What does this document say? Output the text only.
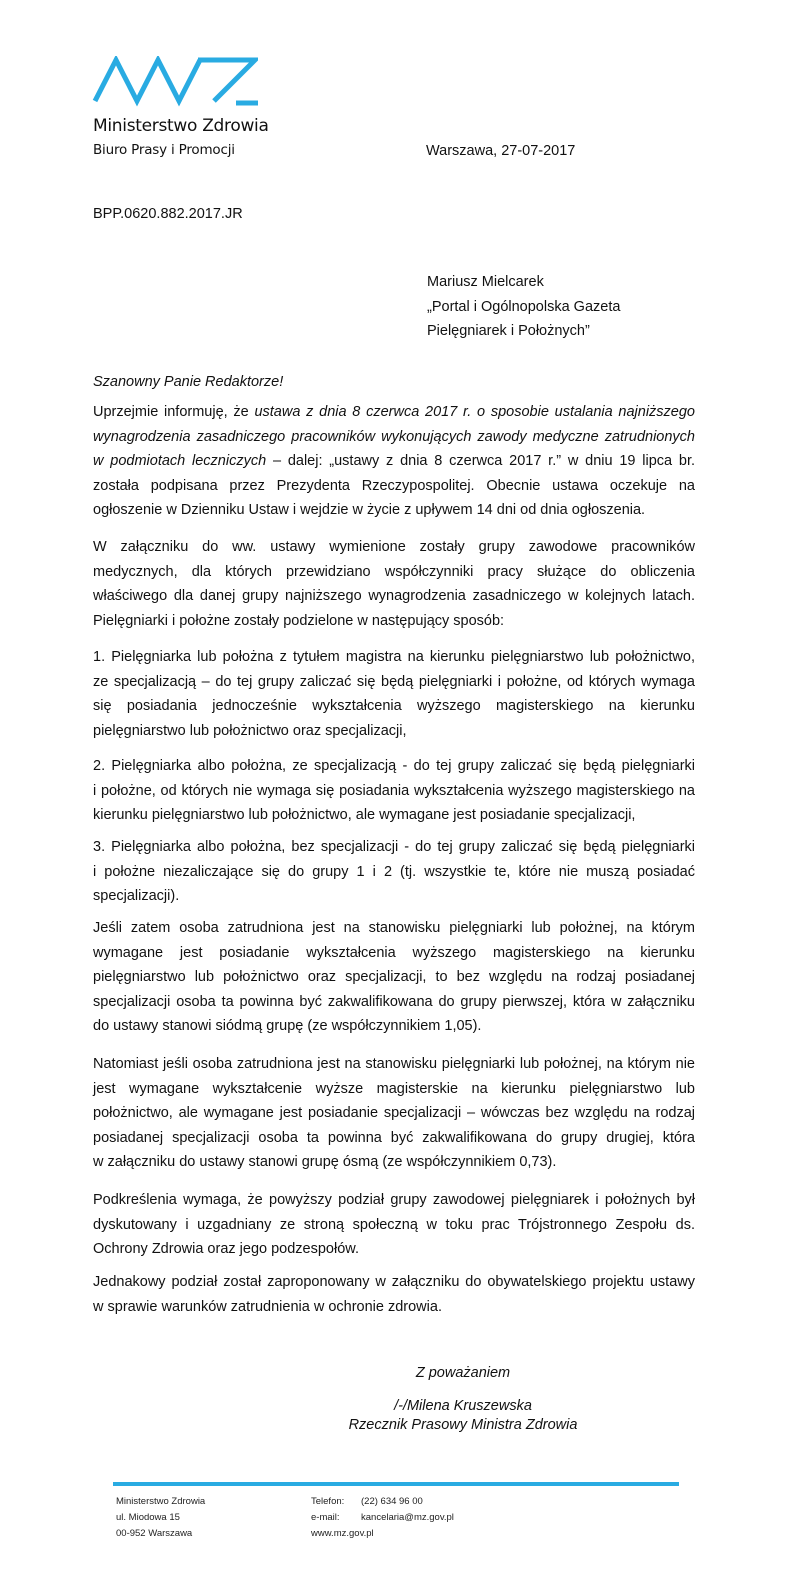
Ministerstwo Zdrowia
Biuro Prasy i Promocji	Warszawa, 27-07-2017
BPP.0620.882.2017.JR
Mariusz Mielcarek
„Portal i Ogólnopolska Gazeta
Pielęgniarek i Położnych”
Szanowny Panie Redaktorze!
Uprzejmie informuję, że ustawa z dnia 8 czerwca 2017 r. o sposobie ustalania najniższego
wynagrodzenia zasadniczego pracowników wykonujących zawody medyczne zatrudnionych
w podmiotach leczniczych – dalej: „ustawy z dnia 8 czerwca 2017 r.” w dniu 19 lipca br.
została podpisana przez Prezydenta Rzeczypospolitej. Obecnie ustawa oczekuje na
ogłoszenie w Dzienniku Ustaw i wejdzie w życie z upływem 14 dni od dnia ogłoszenia.
W załączniku do ww. ustawy wymienione zostały grupy zawodowe pracowników
medycznych, dla których przewidziano współczynniki pracy służące do obliczenia
właściwego dla danej grupy najniższego wynagrodzenia zasadniczego w kolejnych latach.
Pielęgniarki i położne zostały podzielone w następujący sposób:
1. Pielęgniarka lub położna z tytułem magistra na kierunku pielęgniarstwo lub położnictwo,
ze specjalizacją – do tej grupy zaliczać się będą pielęgniarki i położne, od których wymaga
się posiadania jednocześnie wykształcenia wyższego magisterskiego na kierunku
pielęgniarstwo lub położnictwo oraz specjalizacji,
2. Pielęgniarka albo położna, ze specjalizacją - do tej grupy zaliczać się będą pielęgniarki
i położne, od których nie wymaga się posiadania wykształcenia wyższego magisterskiego na
kierunku pielęgniarstwo lub położnictwo, ale wymagane jest posiadanie specjalizacji,
3. Pielęgniarka albo położna, bez specjalizacji - do tej grupy zaliczać się będą pielęgniarki
i położne niezaliczające się do grupy 1 i 2 (tj. wszystkie te, które nie muszą posiadać
specjalizacji).
Jeśli zatem osoba zatrudniona jest na stanowisku pielęgniarki lub położnej, na którym
wymagane jest posiadanie wykształcenia wyższego magisterskiego na kierunku
pielęgniarstwo lub położnictwo oraz specjalizacji, to bez względu na rodzaj posiadanej
specjalizacji osoba ta powinna być zakwalifikowana do grupy pierwszej, która w załączniku
do ustawy stanowi siódmą grupę (ze współczynnikiem 1,05).
Natomiast jeśli osoba zatrudniona jest na stanowisku pielęgniarki lub położnej, na którym nie
jest wymagane wykształcenie wyższe magisterskie na kierunku pielęgniarstwo lub
położnictwo, ale wymagane jest posiadanie specjalizacji – wówczas bez względu na rodzaj
posiadanej specjalizacji osoba ta powinna być zakwalifikowana do grupy drugiej, która
w załączniku do ustawy stanowi grupę ósmą (ze współczynnikiem 0,73).
Podkreślenia wymaga, że powyższy podział grupy zawodowej pielęgniarek i położnych był
dyskutowany i uzgadniany ze stroną społeczną w toku prac Trójstronnego Zespołu ds.
Ochrony Zdrowia oraz jego podzespołów.
Jednakowy podział został zaproponowany w załączniku do obywatelskiego projektu ustawy
w sprawie warunków zatrudnienia w ochronie zdrowia.
Z poważaniem
/-/Milena Kruszewska
Rzecznik Prasowy Ministra Zdrowia
Ministerstwo Zdrowia
ul. Miodowa 15
00-952 Warszawa
Telefon:	(22) 634 96 00
e-mail:	kancelaria@mz.gov.pl
www.mz.gov.pl
